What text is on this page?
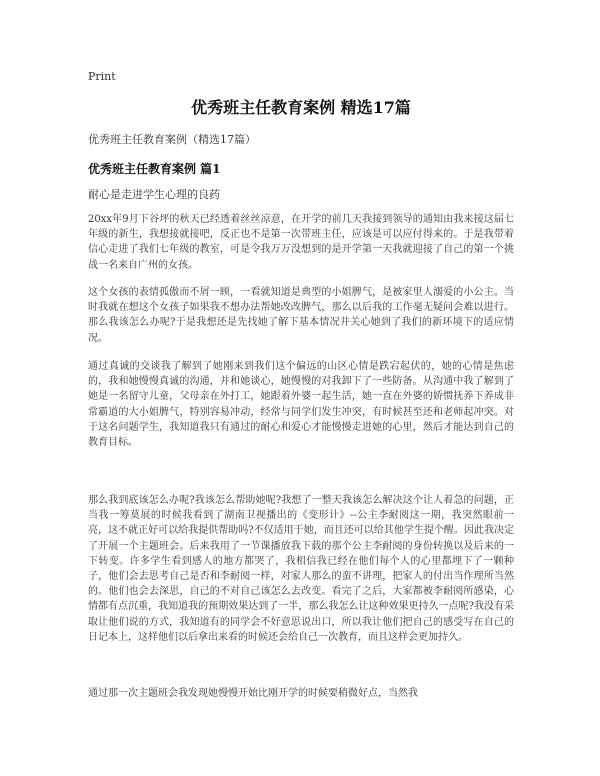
Print
优秀班主任教育案例 精选17篇
优秀班主任教育案例（精选17篇）
优秀班主任教育案例 篇1
耐心是走进学生心理的良药

20xx年9月下谷坪的秋天已经透着丝丝凉意，在开学的前几天我接到领导的通知由我来接这届七年级的新生，我想接就接吧，反正也不是第一次带班主任，应该是可以应付得来的。于是我带着信心走进了我们七年级的教室，可是令我万万没想到的是开学第一天我就迎接了自己的第一个挑战一名来自广州的女孩。

这个女孩的表情孤傲而不屑一顾，一看就知道是典型的小姐脾气，是被家里人溺爱的小公主。当时我就在想这个女孩子如果我不想办法帮她改改脾气，那么以后我的工作毫无疑问会难以进行。那么我该怎么办呢?于是我想还是先找她了解下基本情况并关心她到了我们的新环境下的适应情况。

通过真诚的交谈我了解到了她刚来到我们这个偏远的山区心情是跌宕起伏的，她的心情是焦虑的，我和她慢慢真诚的沟通，并和她谈心，她慢慢的对我卸下了一些防备。从沟通中我了解到了她是一名留守儿童，父母亲在外打工，她跟着外婆一起生活，她一直在外婆的娇惯抚养下养成非常霸道的大小姐脾气，特别容易冲动，经常与同学们发生冲突，有时候甚至还和老师起冲突。对于这名问题学生，我知道我只有通过的耐心和爱心才能慢慢走进她的心里，然后才能达到自己的教育目标。

那么我到底该怎么办呢?我该怎么帮助她呢?我想了一整天我该怎么解决这个让人着急的问题，正当我一筹莫展的时候我看到了湖南卫视播出的《变形计》--公主李耐阅这一期，我突然眼前一亮，这不就正好可以给我提供帮助吗?不仅适用于她，而且还可以给其他学生提个醒。因此我决定了开展一个主题班会。后来我用了一节课播放我下载的那个公主李耐阅的身份转换以及后来的一下转变。许多学生看到感人的地方都哭了，我相信我已经在他们每个人的心里都埋下了一颗种子，他们会去思考自己是否和李耐阅一样，对家人那么的蛮不讲理，把家人的付出当作理所当然的。他们也会去深思，自己的不对自己该怎么去改变。看完了之后，大家都被李耐阅所感染，心情都有点沉重，我知道我的预期效果达到了一半，那么我怎么让这种效果更持久一点呢?我没有采取让他们说的方式，我知道有的同学会不好意思说出口，所以我让他们把自己的感受写在自己的日记本上，这样他们以后拿出来看的时候还会给自己一次教育，而且这样会更加持久。

通过那一次主题班会我发现她慢慢开始比刚开学的时候要稍微好点，当然我
